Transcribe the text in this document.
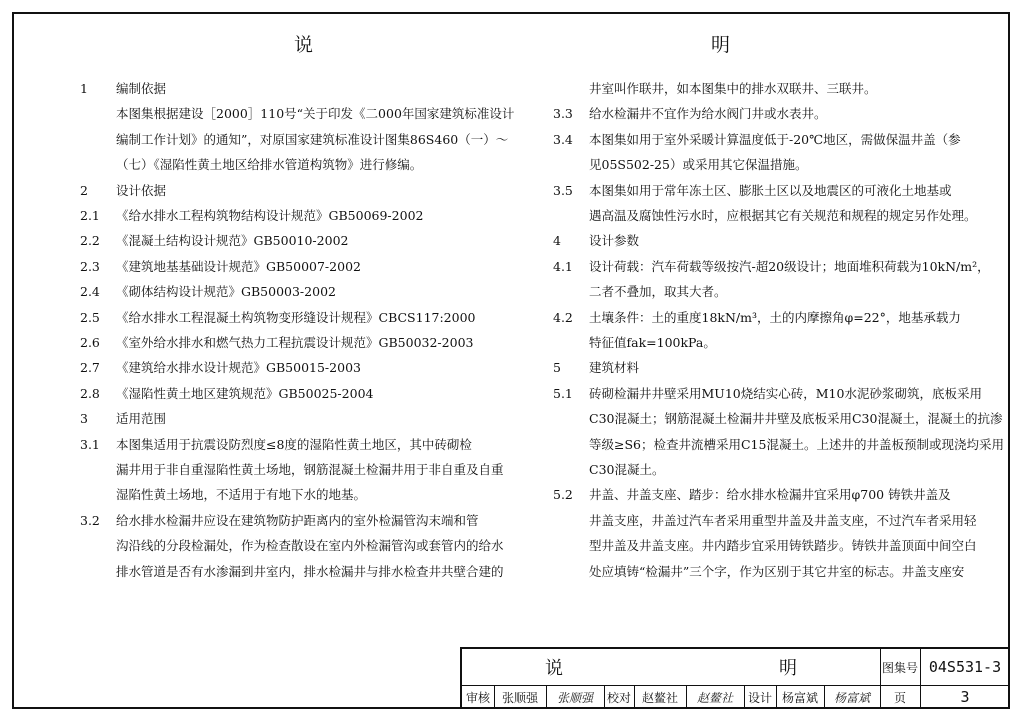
说　　明
1 编制依据
本图集根据建设［2000］110号“关于印发《二000年国家建筑标准设计
编制工作计划》的通知”，对原国家建筑标准设计图集86S460（一）～
（七）《湿陷性黄土地区给排水管道构筑物》进行修编。
2 设计依据
2.1 《给水排水工程构筑物结构设计规范》GB50069-2002
2.2 《混凝土结构设计规范》GB50010-2002
2.3 《建筑地基基础设计规范》GB50007-2002
2.4 《砌体结构设计规范》GB50003-2002
2.5 《给水排水工程混凝土构筑物变形缝设计规程》CBCS117:2000
2.6 《室外给水排水和燃气热力工程抗震设计规范》GB50032-2003
2.7 《建筑给水排水设计规范》GB50015-2003
2.8 《湿陷性黄土地区建筑规范》GB50025-2004
3 适用范围
3.1 本图集适用于抗震设防烈度≤8度的湿陷性黄土地区，其中砖砌检
漏井用于非自重湿陷性黄土场地，钢筋混凝土检漏井用于非自重及自重
湿陷性黄土场地，不适用于有地下水的地基。
3.2 给水排水检漏井应设在建筑物防护距离内的室外检漏管沟末端和管
沟沿线的分段检漏处，作为检查散设在室内外检漏管沟或套管内的给水
排水管道是否有水渗漏到井室内，排水检漏井与排水检查井共壁合建的
井室叫作联井，如本图集中的排水双联井、三联井。
3.3 给水检漏井不宜作为给水阀门井或水表井。
3.4 本图集如用于室外采暖计算温度低于-20℃地区，需做保温井盖（参
见05S502-25）或采用其它保温措施。
3.5 本图集如用于常年冻土区、膨胀土区以及地震区的可液化土地基或
遇高温及腐蚀性污水时，应根据其它有关规范和规程的规定另作处理。
4 设计参数
4.1 设计荷载：汽车荷载等级按汽-超20级设计；地面堆积荷载为10kN/m²，
二者不叠加，取其大者。
4.2 土壤条件：土的重度18kN/m³，土的内摩擦角φ=22°，地基承载力
特征值fak=100kPa。
5 建筑材料
5.1 砖砌检漏井井壁采用MU10烧结实心砖，M10水泥砂浆砌筑，底板采用
C30混凝土；钢筋混凝土检漏井井壁及底板采用C30混凝土，混凝土的抗渗
等级≥S6；检查井流槽采用C15混凝土。上述井的井盖板预制或现浇均采用
C30混凝土。
5.2 井盖、井盖支座、踏步：给水排水检漏井宜采用φ700 铸铁井盖及
井盖支座，井盖过汽车者采用重型井盖及井盖支座，不过汽车者采用轻
型井盖及井盖支座。井内踏步宜采用铸铁踏步。铸铁井盖顶面中间空白
处应填铸“检漏井”三个字，作为区别于其它井室的标志。井盖支座安
说　　明	图集号 04S531-3
审核 张顺强	张顺强	校对 赵鳌社	赵鳌社	设计 杨富斌	杨富斌	页	3
